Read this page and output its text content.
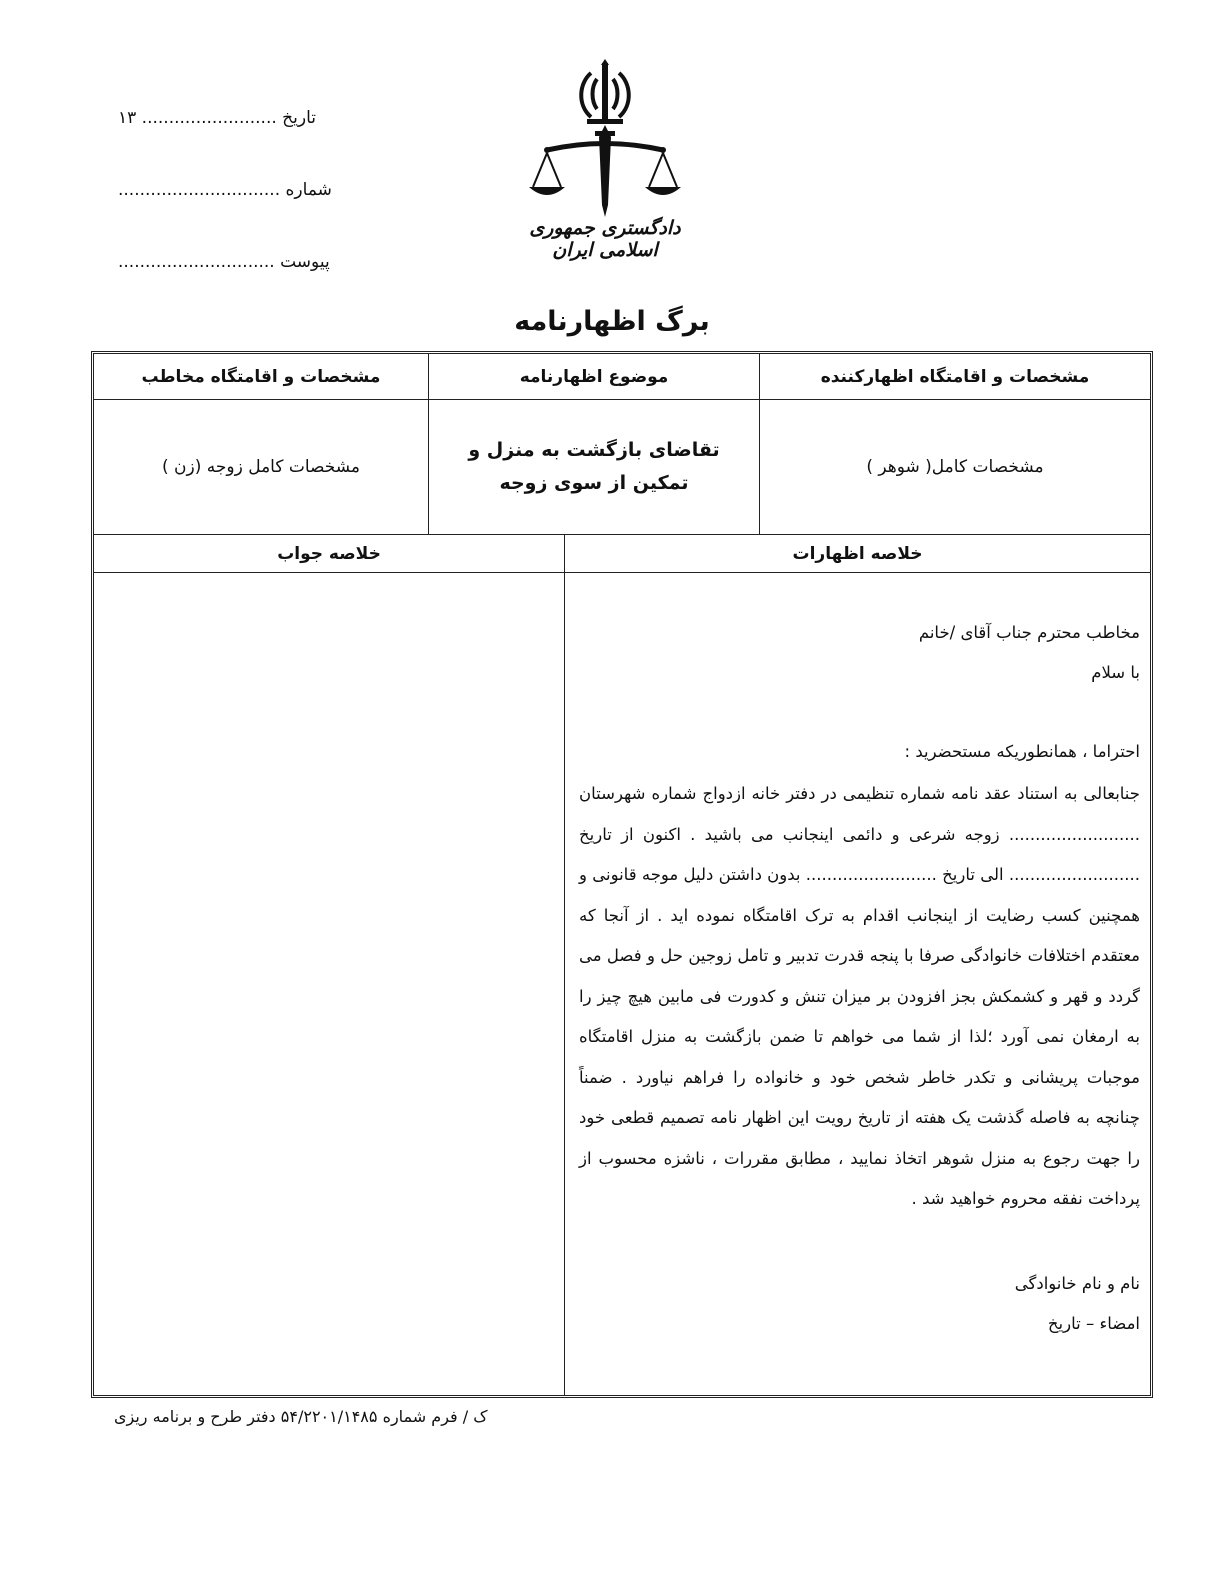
تاریخ ......................... ۱۳
شماره ..............................
پیوست .............................
دادگستری جمهوری اسلامی ایران
برگ اظهارنامه
مشخصات و اقامتگاه اظهارکننده
مشخصات کامل( شوهر )
موضوع اظهارنامه
تقاضای بازگشت به منزل و تمکین از سوی زوجه
مشخصات و اقامتگاه مخاطب
مشخصات کامل زوجه (زن )
خلاصه اظهارات

مخاطب محترم جناب آقای /خانم

با سلام

احتراما ، همانطوریکه مستحضرید :

جنابعالی به استناد عقد نامه شماره تنظیمی در دفتر خانه ازدواج شماره شهرستان ......................... زوجه شرعی و دائمی اینجانب می باشید . اکنون از تاریخ ......................... الی تاریخ ......................... بدون داشتن دلیل موجه قانونی و همچنین کسب رضایت از اینجانب اقدام به ترک اقامتگاه نموده اید . از آنجا که معتقدم اختلافات خانوادگی صرفا با پنجه قدرت تدبیر و تامل زوجین حل و فصل می گردد و قهر و کشمکش بجز افزودن بر میزان تنش و کدورت فی مابین هیچ چیز را به ارمغان نمی آورد ؛لذا از شما می خواهم تا ضمن بازگشت به منزل اقامتگاه موجبات پریشانی و تکدر خاطر شخص خود و خانواده را فراهم نیاورد . ضمناً چنانچه به فاصله گذشت یک هفته از تاریخ رویت این اظهار نامه تصمیم قطعی خود را جهت رجوع به منزل شوهر اتخاذ نمایید ، مطابق مقررات ، ناشزه محسوب از پرداخت نفقه محروم خواهید شد .

نام و نام خانوادگی

امضاء – تاریخ

خلاصه جواب
ک / فرم شماره ۵۴/۲۲۰۱/۱۴۸۵ دفتر طرح و برنامه ریزی
